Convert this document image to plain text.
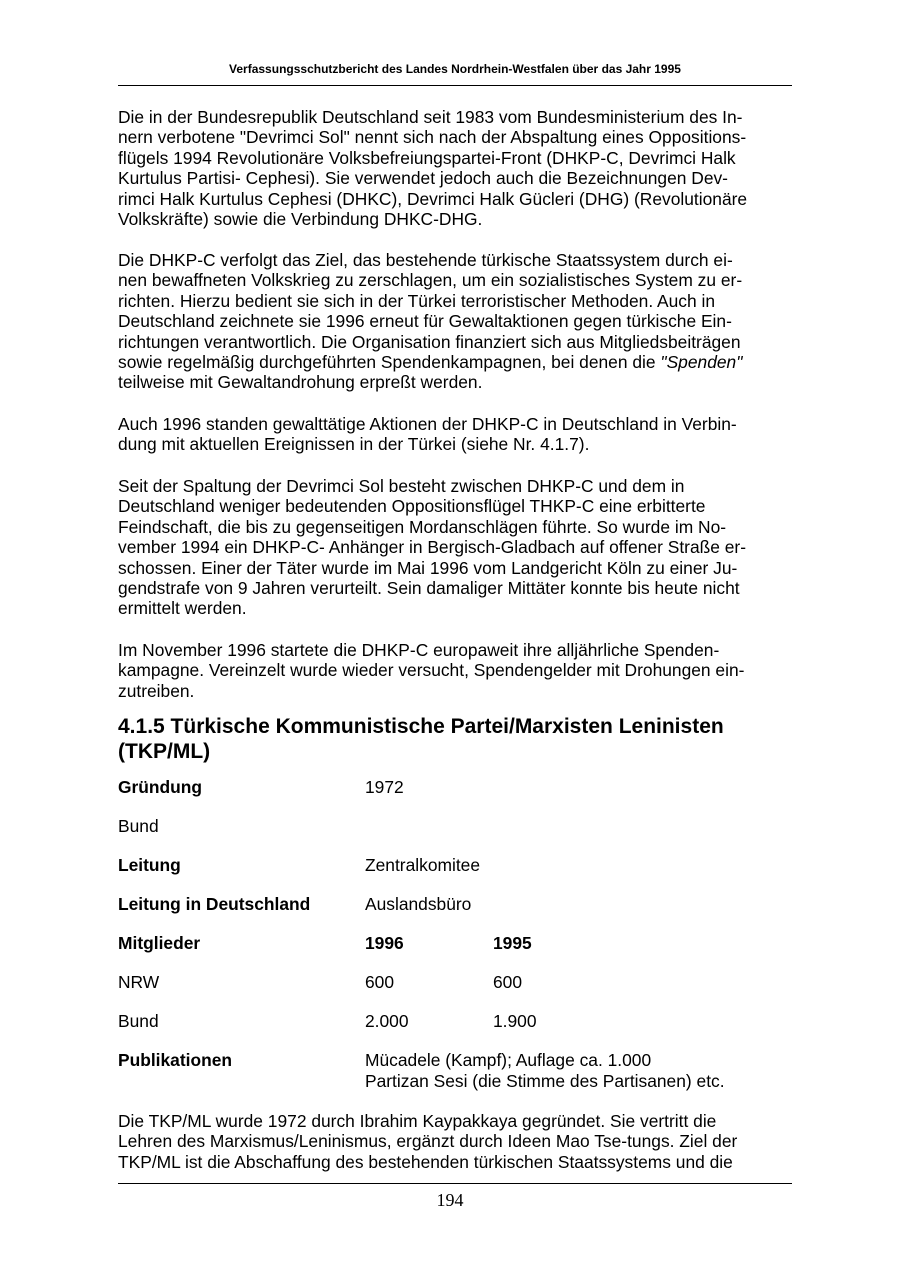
Verfassungsschutzbericht des Landes Nordrhein-Westfalen über das Jahr 1995

Die in der Bundesrepublik Deutschland seit 1983 vom Bundesministerium des In-

nern verbotene "Devrimci Sol" nennt sich nach der Abspaltung eines Oppositions-

flügels 1994 Revolutionäre Volksbefreiungspartei-Front (DHKP-C, Devrimci Halk

Kurtulus Partisi- Cephesi). Sie verwendet jedoch auch die Bezeichnungen Dev-

rimci Halk Kurtulus Cephesi (DHKC), Devrimci Halk Gücleri (DHG) (Revolutionäre

Volkskräfte) sowie die Verbindung DHKC-DHG.

Die DHKP-C verfolgt das Ziel, das bestehende türkische Staatssystem durch ei-

nen bewaffneten Volkskrieg zu zerschlagen, um ein sozialistisches System zu er-

richten. Hierzu bedient sie sich in der Türkei terroristischer Methoden. Auch in

Deutschland zeichnete sie 1996 erneut für Gewaltaktionen gegen türkische Ein-

richtungen verantwortlich. Die Organisation finanziert sich aus Mitgliedsbeiträgen

sowie regelmäßig durchgeführten Spendenkampagnen, bei denen die "Spenden"

teilweise mit Gewaltandrohung erpreßt werden.

Auch 1996 standen gewalttätige Aktionen der DHKP-C in Deutschland in Verbin-

dung mit aktuellen Ereignissen in der Türkei (siehe Nr. 4.1.7).

Seit der Spaltung der Devrimci Sol besteht zwischen DHKP-C und dem in

Deutschland weniger bedeutenden Oppositionsflügel THKP-C eine erbitterte

Feindschaft, die bis zu gegenseitigen Mordanschlägen führte. So wurde im No-

vember 1994 ein DHKP-C- Anhänger in Bergisch-Gladbach auf offener Straße er-

schossen. Einer der Täter wurde im Mai 1996 vom Landgericht Köln zu einer Ju-

gendstrafe von 9 Jahren verurteilt. Sein damaliger Mittäter konnte bis heute nicht

ermittelt werden.

Im November 1996 startete die DHKP-C europaweit ihre alljährliche Spenden-

kampagne. Vereinzelt wurde wieder versucht, Spendengelder mit Drohungen ein-

zutreiben.

4.1.5 Türkische Kommunistische Partei/Marxisten Leninisten
(TKP/ML)
Gründung	1972
Bund
Leitung	Zentralkomitee
Leitung in Deutschland	Auslandsbüro
Mitglieder	1996	1995
NRW	600	600
Bund	2.000	1.900
Publikationen	Mücadele (Kampf); Auflage ca. 1.000
Partizan Sesi (die Stimme des Partisanen) etc.

Die TKP/ML wurde 1972 durch Ibrahim Kaypakkaya gegründet. Sie vertritt die

Lehren des Marxismus/Leninismus, ergänzt durch Ideen Mao Tse-tungs. Ziel der

TKP/ML ist die Abschaffung des bestehenden türkischen Staatssystems und die

194
